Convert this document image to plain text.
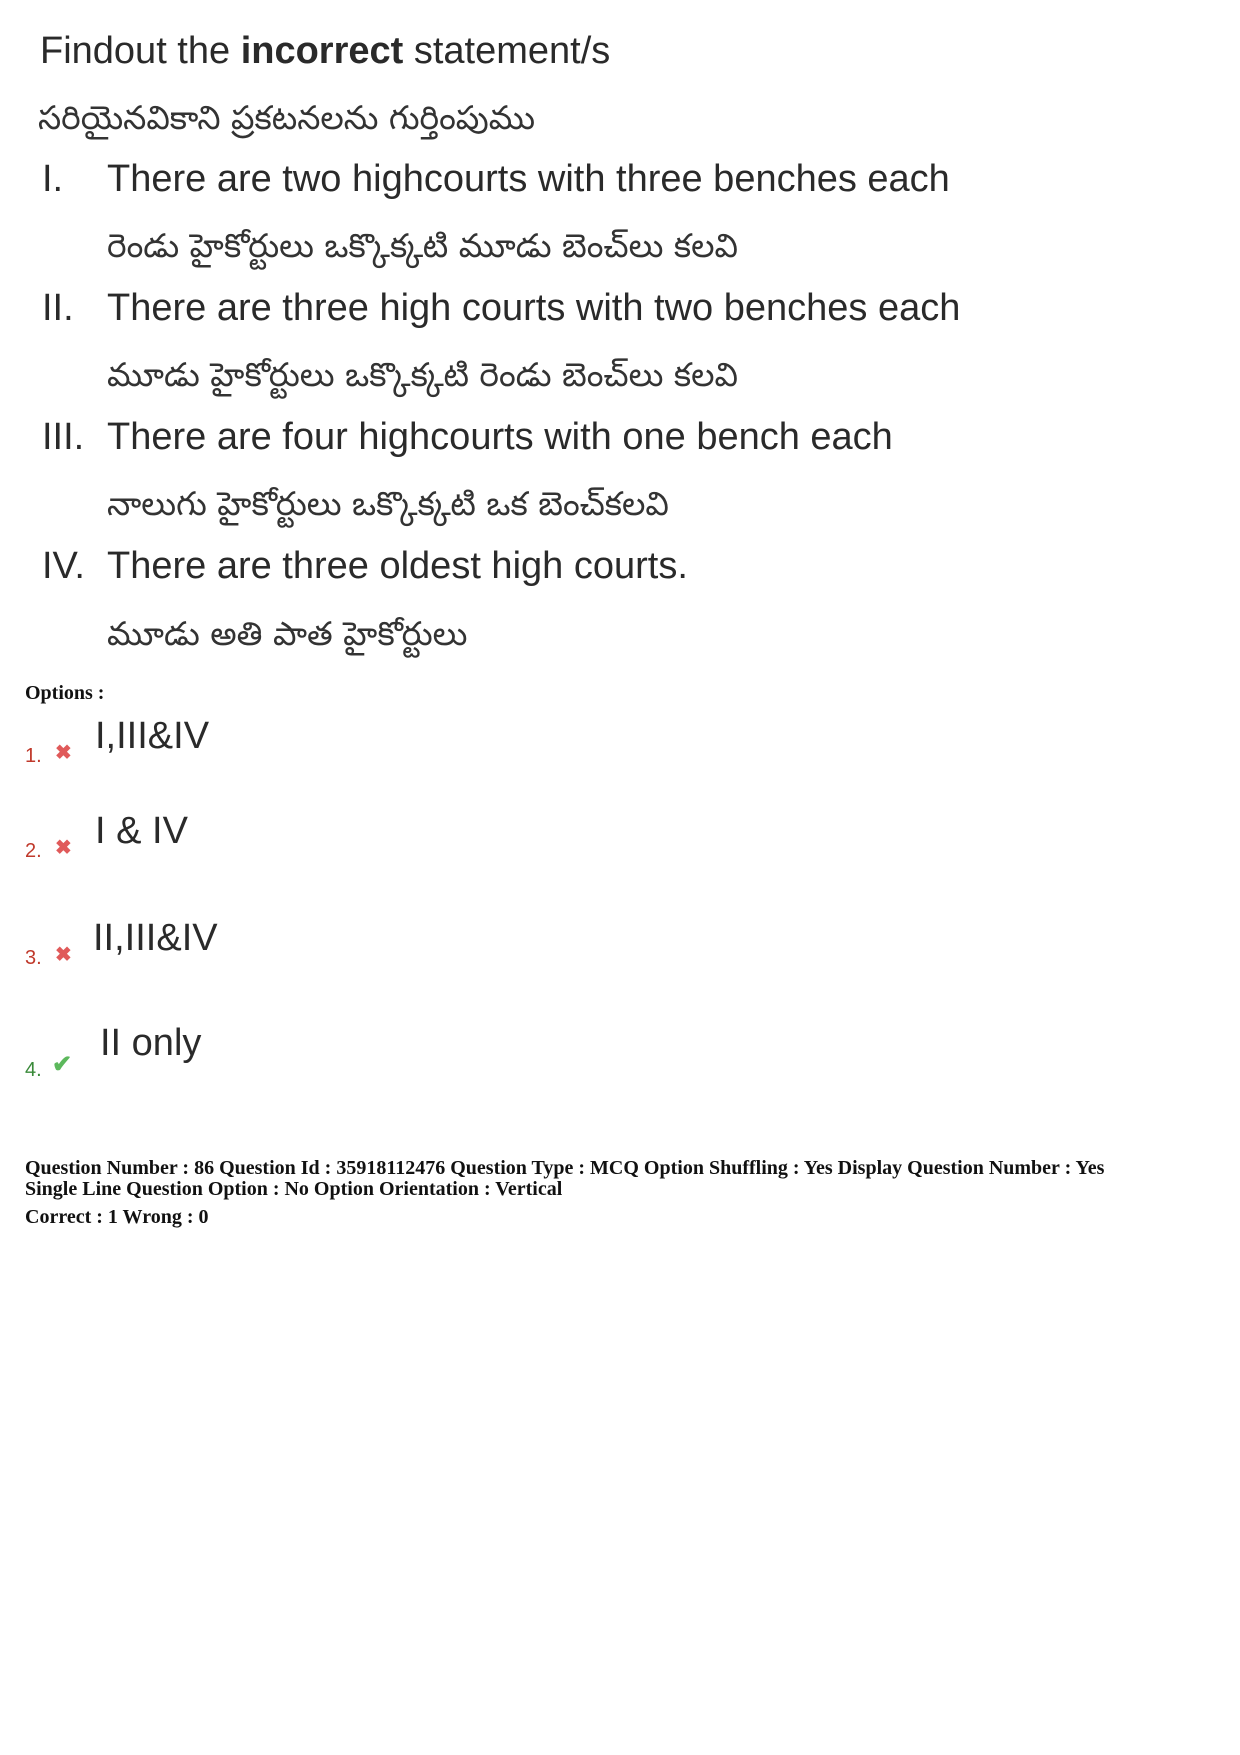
Findout the incorrect statement/s
సరియైనవికాని ప్రకటనలను గుర్తింపుము
I. There are two highcourts with three benches each
రెండు హైకోర్టులు ఒక్కొక్కటి మూడు బెంచ్‌లు కలవి
II. There are three high courts with two benches each
మూడు హైకోర్టులు ఒక్కొక్కటి రెండు బెంచ్‌లు కలవి
III. There are four highcourts with one bench each
నాలుగు హైకోర్టులు ఒక్కొక్కటి ఒక బెంచ్‌కలవి
IV. There are three oldest high courts.
మూడు అతి పాత హైకోర్టులు
Options :
1. ✖ I,III&IV
2. ✖ I & IV
3. ✖ II,III&IV
4. ✔
II only
Question Number : 86 Question Id : 35918112476 Question Type : MCQ Option Shuffling : Yes Display Question Number : Yes
Single Line Question Option : No Option Orientation : Vertical
Correct : 1 Wrong : 0
